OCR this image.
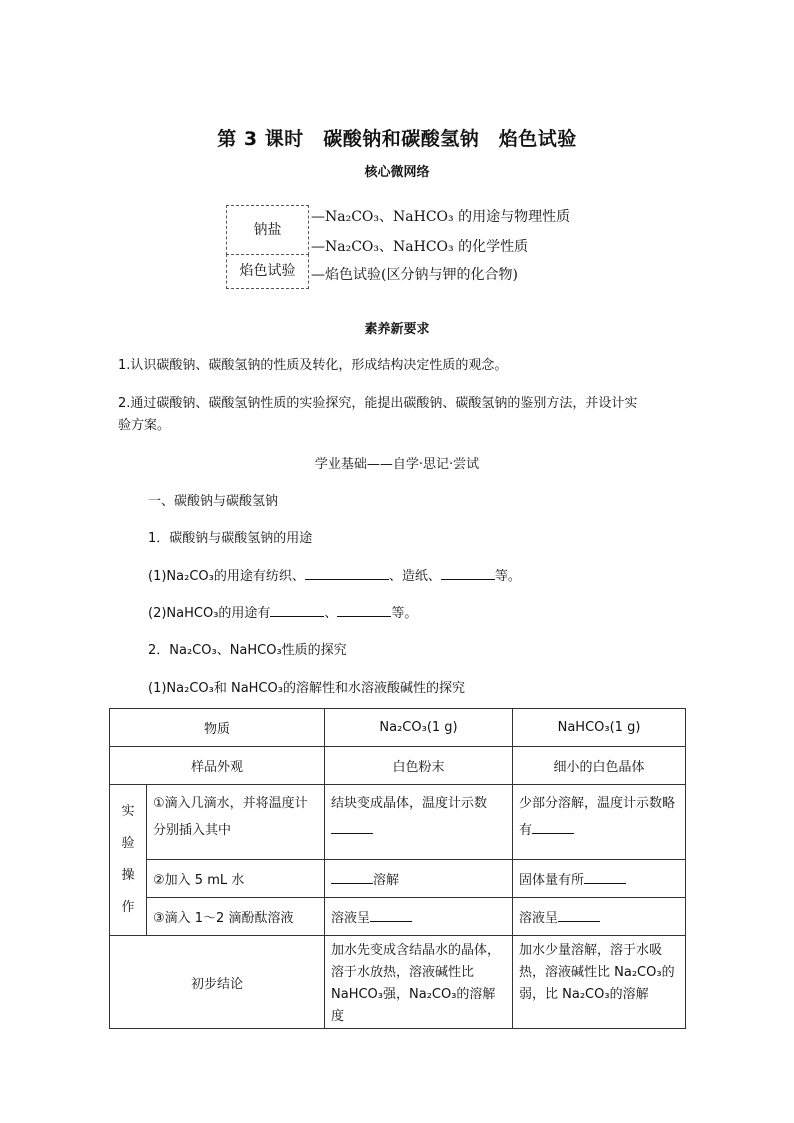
第 3 课时　碳酸钠和碳酸氢钠　焰色试验
核心微网络
钠盐
焰色试验
—Na₂CO₃、NaHCO₃ 的用途与物理性质
—Na₂CO₃、NaHCO₃ 的化学性质
—焰色试验(区分钠与钾的化合物)
素养新要求
1.认识碳酸钠、碳酸氢钠的性质及转化，形成结构决定性质的观念。
2.通过碳酸钠、碳酸氢钠性质的实验探究，能提出碳酸钠、碳酸氢钠的鉴别方法，并设计实
验方案。
学业基础——自学·思记·尝试
一、碳酸钠与碳酸氢钠
1．碳酸钠与碳酸氢钠的用途
(1)Na₂CO₃的用途有纺织、	、造纸、	等。
(2)NaHCO₃的用途有	、	等。
2．Na₂CO₃、NaHCO₃性质的探究
(1)Na₂CO₃和 NaHCO₃的溶解性和水溶液酸碱性的探究
物质		Na₂CO₃(1 g)	NaHCO₃(1 g)
样品外观		白色粉末	细小的白色晶体

实
验
操
作	①滴入几滴水，并将温度计分别插入其中	结块变成晶体，温度计示数	少部分溶解，温度计示数略有
	②加入 5 mL 水	溶解	固体量有所
	③滴入 1～2 滴酚酞溶液	溶液呈	溶液呈
初步结论		加水先变成含结晶水的晶体，溶于水放热，溶液碱性比 NaHCO₃强，Na₂CO₃的溶解度	加水少量溶解，溶于水吸热，溶液碱性比 Na₂CO₃的弱，比 Na₂CO₃的溶解
